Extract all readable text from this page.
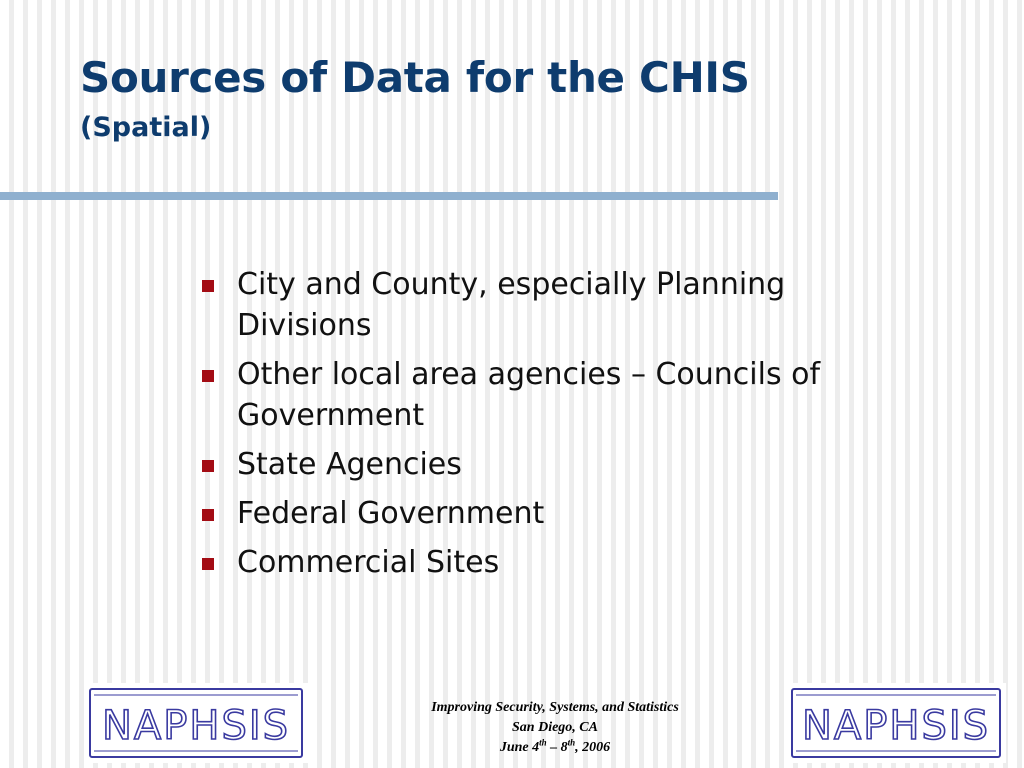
Sources of Data for the CHIS
(Spatial)
City and County, especially Planning Divisions
Other local area agencies – Councils of Government
State Agencies
Federal Government
Commercial Sites
NAPHSIS	Improving Security, Systems, and Statistics
San Diego, CA
June 4th – 8th, 2006	NAPHSIS
